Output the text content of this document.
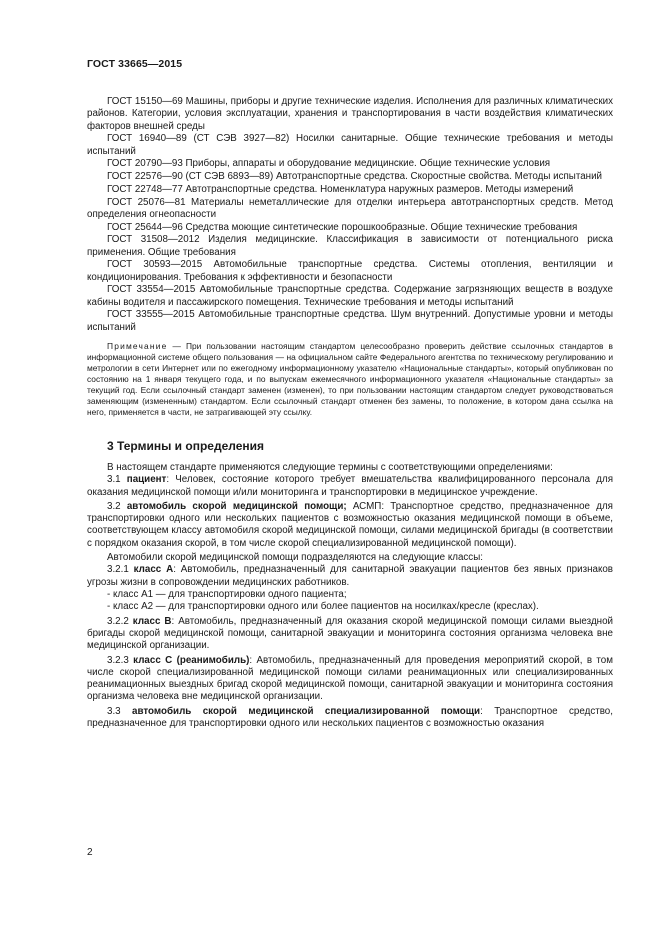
ГОСТ 33665—2015

ГОСТ 15150—69 Машины, приборы и другие технические изделия. Исполнения для различных климатических районов. Категории, условия эксплуатации, хранения и транспортирования в части воздействия климатических факторов внешней среды

ГОСТ 16940—89 (СТ СЭВ 3927—82) Носилки санитарные. Общие технические требования и методы испытаний

ГОСТ 20790—93 Приборы, аппараты и оборудование медицинские. Общие технические условия

ГОСТ 22576—90 (СТ СЭВ 6893—89) Автотранспортные средства. Скоростные свойства. Методы испытаний

ГОСТ 22748—77 Автотранспортные средства. Номенклатура наружных размеров. Методы измерений

ГОСТ 25076—81 Материалы неметаллические для отделки интерьера автотранспортных средств. Метод определения огнеопасности

ГОСТ 25644—96 Средства моющие синтетические порошкообразные. Общие технические требования

ГОСТ 31508—2012 Изделия медицинские. Классификация в зависимости от потенциального риска применения. Общие требования

ГОСТ 30593—2015 Автомобильные транспортные средства. Системы отопления, вентиляции и кондиционирования. Требования к эффективности и безопасности

ГОСТ 33554—2015 Автомобильные транспортные средства. Содержание загрязняющих веществ в воздухе кабины водителя и пассажирского помещения. Технические требования и методы испытаний

ГОСТ 33555—2015 Автомобильные транспортные средства. Шум внутренний. Допустимые уровни и методы испытаний

Примечание — При пользовании настоящим стандартом целесообразно проверить действие ссылочных стандартов в информационной системе общего пользования — на официальном сайте Федерального агентства по техническому регулированию и метрологии в сети Интернет или по ежегодному информационному указателю «Национальные стандарты», который опубликован по состоянию на 1 января текущего года, и по выпускам ежемесячного информационного указателя «Национальные стандарты» за текущий год. Если ссылочный стандарт заменен (изменен), то при пользовании настоящим стандартом следует руководствоваться заменяющим (измененным) стандартом. Если ссылочный стандарт отменен без замены, то положение, в котором дана ссылка на него, применяется в части, не затрагивающей эту ссылку.
3 Термины и определения

В настоящем стандарте применяются следующие термины с соответствующими определениями:

3.1 пациент: Человек, состояние которого требует вмешательства квалифицированного персонала для оказания медицинской помощи и/или мониторинга и транспортировки в медицинское учреждение.

3.2 автомобиль скорой медицинской помощи; АСМП: Транспортное средство, предназначенное для транспортировки одного или нескольких пациентов с возможностью оказания медицинской помощи в объеме, соответствующем классу автомобиля скорой медицинской помощи, силами медицинской бригады (в соответствии с порядком оказания скорой, в том числе скорой специализированной медицинской помощи).

Автомобили скорой медицинской помощи подразделяются на следующие классы:

3.2.1 класс А: Автомобиль, предназначенный для санитарной эвакуации пациентов без явных признаков угрозы жизни в сопровождении медицинских работников.

- класс А1 — для транспортировки одного пациента;

- класс А2 — для транспортировки одного или более пациентов на носилках/кресле (креслах).

3.2.2 класс В: Автомобиль, предназначенный для оказания скорой медицинской помощи силами выездной бригады скорой медицинской помощи, санитарной эвакуации и мониторинга состояния организма человека вне медицинской организации.

3.2.3 класс С (реанимобиль): Автомобиль, предназначенный для проведения мероприятий скорой, в том числе скорой специализированной медицинской помощи силами реанимационных или специализированных реанимационных выездных бригад скорой медицинской помощи, санитарной эвакуации и мониторинга состояния организма человека вне медицинской организации.

3.3 автомобиль скорой медицинской специализированной помощи: Транспортное средство, предназначенное для транспортировки одного или нескольких пациентов с возможностью оказания

2
